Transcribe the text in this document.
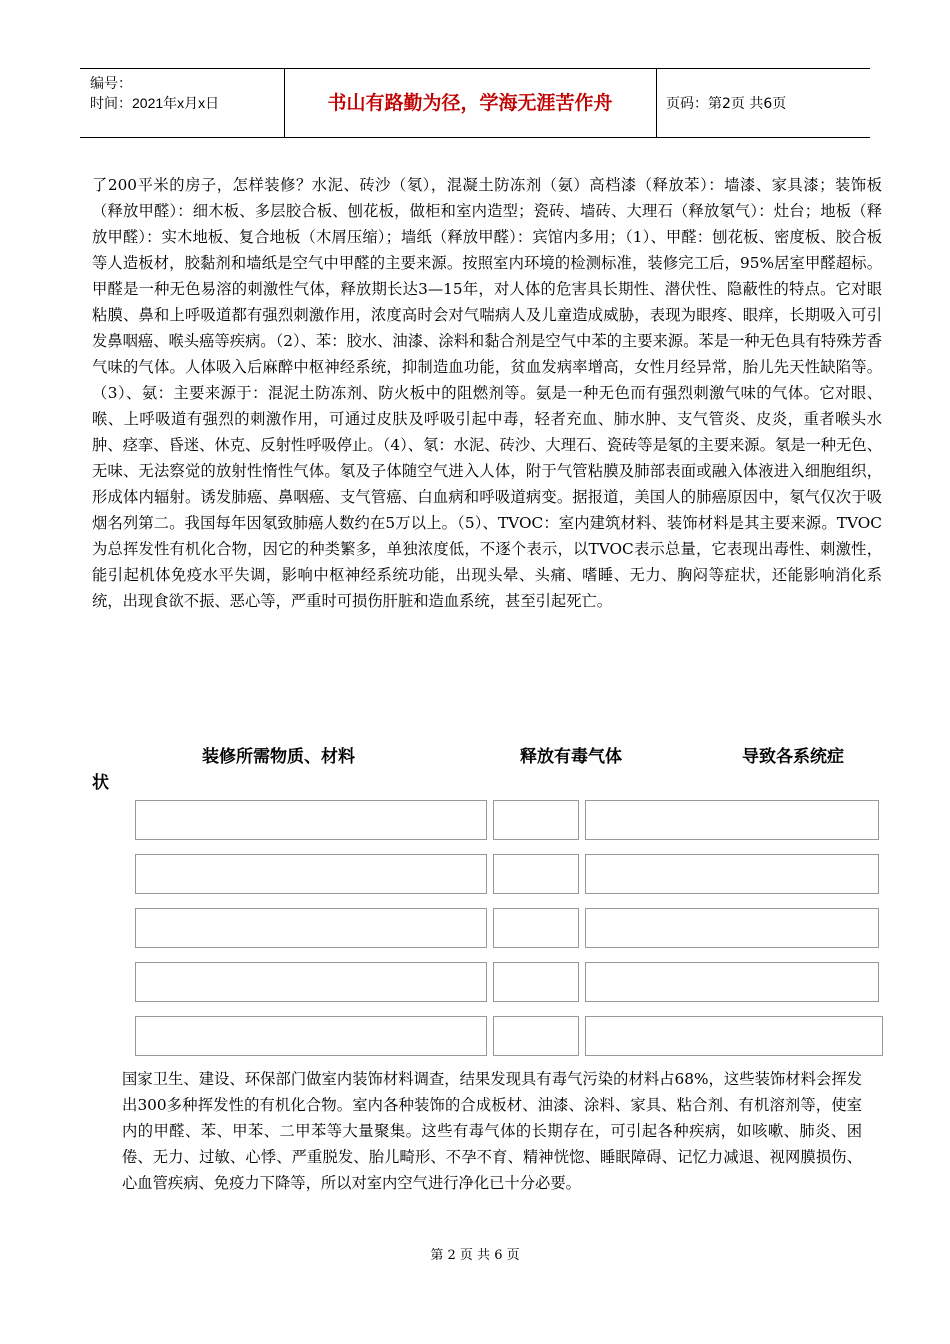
编号：
时间：2021年x月x日	书山有路勤为径，学海无涯苦作舟	页码：第2页 共6页
了200平米的房子，怎样装修？水泥、砖沙（氡），混凝土防冻剂（氨）高档漆（释放苯）：墙漆、家具漆；装饰板（释放甲醛）：细木板、多层胶合板、刨花板，做柜和室内造型；瓷砖、墙砖、大理石（释放氡气）：灶台；地板（释放甲醛）：实木地板、复合地板（木屑压缩）；墙纸（释放甲醛）：宾馆内多用；（1）、甲醛：刨花板、密度板、胶合板等人造板材，胶黏剂和墙纸是空气中甲醛的主要来源。按照室内环境的检测标准，装修完工后，95%居室甲醛超标。甲醛是一种无色易溶的刺激性气体，释放期长达3—15年，对人体的危害具长期性、潜伏性、隐蔽性的特点。它对眼粘膜、鼻和上呼吸道都有强烈刺激作用，浓度高时会对气喘病人及儿童造成威胁，表现为眼疼、眼痒，长期吸入可引发鼻咽癌、喉头癌等疾病。（2）、苯：胶水、油漆、涂料和黏合剂是空气中苯的主要来源。苯是一种无色具有特殊芳香气味的气体。人体吸入后麻醉中枢神经系统，抑制造血功能，贫血发病率增高，女性月经异常，胎儿先天性缺陷等。（3）、氨：主要来源于：混泥土防冻剂、防火板中的阻燃剂等。氨是一种无色而有强烈刺激气味的气体。它对眼、喉、上呼吸道有强烈的刺激作用，可通过皮肤及呼吸引起中毒，轻者充血、肺水肿、支气管炎、皮炎，重者喉头水肿、痉挛、昏迷、休克、反射性呼吸停止。（4）、氡：水泥、砖沙、大理石、瓷砖等是氡的主要来源。氡是一种无色、无味、无法察觉的放射性惰性气体。氡及子体随空气进入人体，附于气管粘膜及肺部表面或融入体液进入细胞组织，形成体内辐射。诱发肺癌、鼻咽癌、支气管癌、白血病和呼吸道病变。据报道，美国人的肺癌原因中，氡气仅次于吸烟名列第二。我国每年因氡致肺癌人数约在5万以上。（5）、TVOC：室内建筑材料、装饰材料是其主要来源。TVOC为总挥发性有机化合物，因它的种类繁多，单独浓度低，不逐个表示，以TVOC表示总量，它表现出毒性、刺激性，能引起机体免疫水平失调，影响中枢神经系统功能，出现头晕、头痛、嗜睡、无力、胸闷等症状，还能影响消化系统，出现食欲不振、恶心等，严重时可损伤肝脏和造血系统，甚至引起死亡。
装修所需物质、材料	释放有毒气体	导致各系统症
状
国家卫生、建设、环保部门做室内装饰材料调查，结果发现具有毒气污染的材料占68%，这些装饰材料会挥发出300多种挥发性的有机化合物。室内各种装饰的合成板材、油漆、涂料、家具、粘合剂、有机溶剂等，使室内的甲醛、苯、甲苯、二甲苯等大量聚集。这些有毒气体的长期存在，可引起各种疾病，如咳嗽、肺炎、困倦、无力、过敏、心悸、严重脱发、胎儿畸形、不孕不育、精神恍惚、睡眠障碍、记忆力减退、视网膜损伤、心血管疾病、免疫力下降等，所以对室内空气进行净化已十分必要。
第 2 页 共 6 页
